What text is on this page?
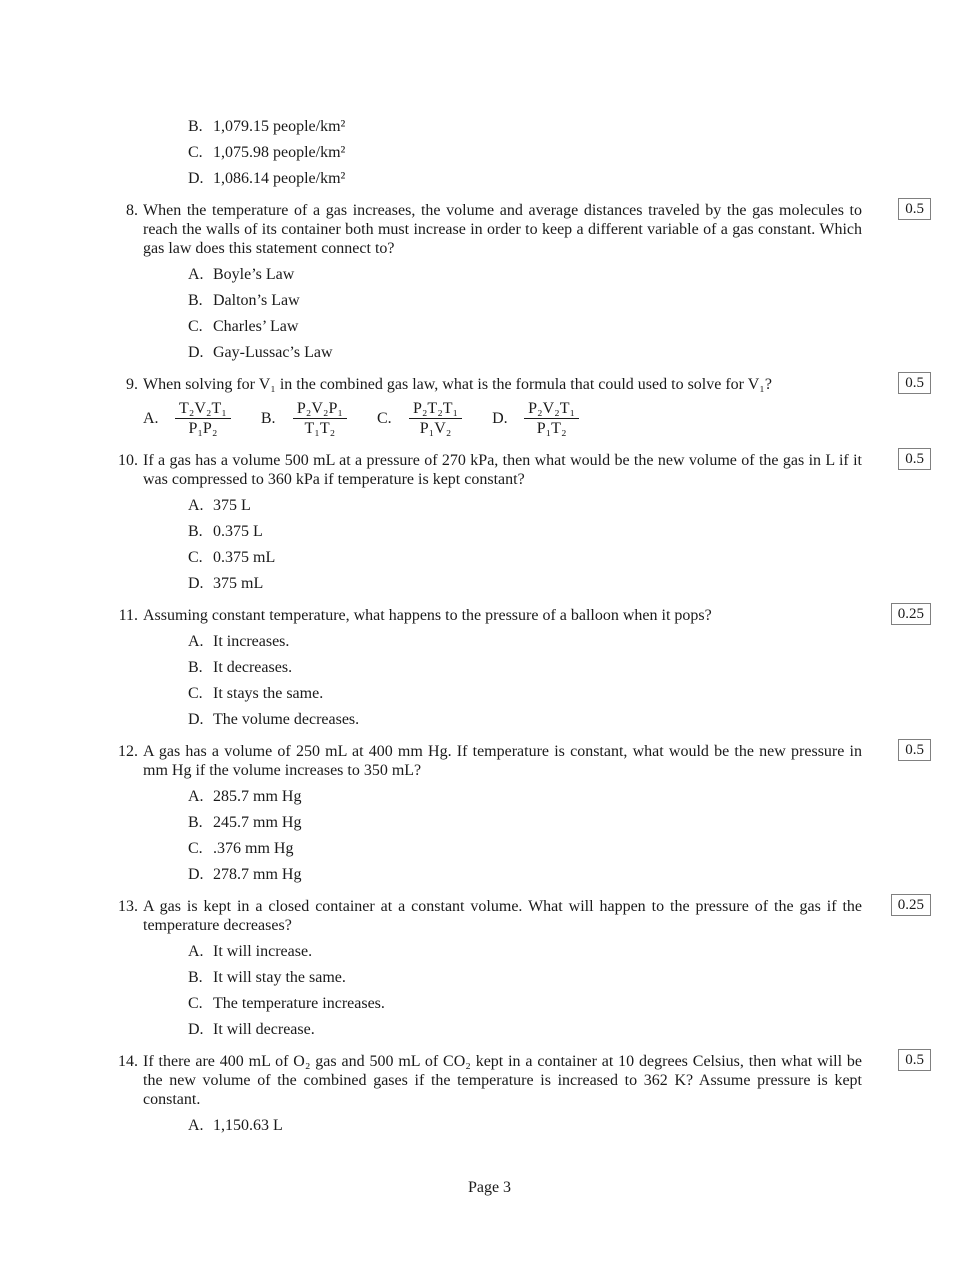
B. 1,079.15 people/km²
C. 1,075.98 people/km²
D. 1,086.14 people/km²
8.	0.5

When the temperature of a gas increases, the volume and average distances traveled by the gas molecules to reach the walls of its container both must increase in order to keep a different variable of a gas constant. Which gas law does this statement connect to?

A. Boyle’s Law
B. Dalton’s Law
C. Charles’ Law
D. Gay-Lussac’s Law
9.	0.5

When solving for V₁ in the combined gas law, what is the formula that could used to solve for V₁?

A. $\frac{\text{T₂V₂T₁}}{\text{P₁P₂}} B$.	$\frac{\text{P₂V₂P₁}}{\text{T₁T₂}} C$.	$\frac{\text{P₂T₂T₁}}{\text{P₁V₂}} D$. $\frac{\text{P₂V₂T₁}}{\text{P₁T₂}}$
10.	0.5

If a gas has a volume 500 mL at a pressure of 270 kPa, then what would be the new volume of the gas in L if it was compressed to 360 kPa if temperature is kept constant?

A. 375 L
B. 0.375 L
C. 0.375 mL
D. 375 mL
11.	0.25

Assuming constant temperature, what happens to the pressure of a balloon when it pops?

A. It increases.
B. It decreases.
C. It stays the same.
D. The volume decreases.
12.	0.5

A gas has a volume of 250 mL at 400 mm Hg. If temperature is constant, what would be the new pressure in mm Hg if the volume increases to 350 mL?

A. 285.7 mm Hg
B. 245.7 mm Hg
C. .376 mm Hg
D. 278.7 mm Hg
13.	0.25

A gas is kept in a closed container at a constant volume. What will happen to the pressure of the gas if the temperature decreases?

A. It will increase.
B. It will stay the same.
C. The temperature increases.
D. It will decrease.
14.	0.5

If there are 400 mL of O₂ gas and 500 mL of CO₂ kept in a container at 10 degrees Celsius, then what will be the new volume of the combined gases if the temperature is increased to 362 K? Assume pressure is kept constant.

A. 1,150.63 L
Page 3
